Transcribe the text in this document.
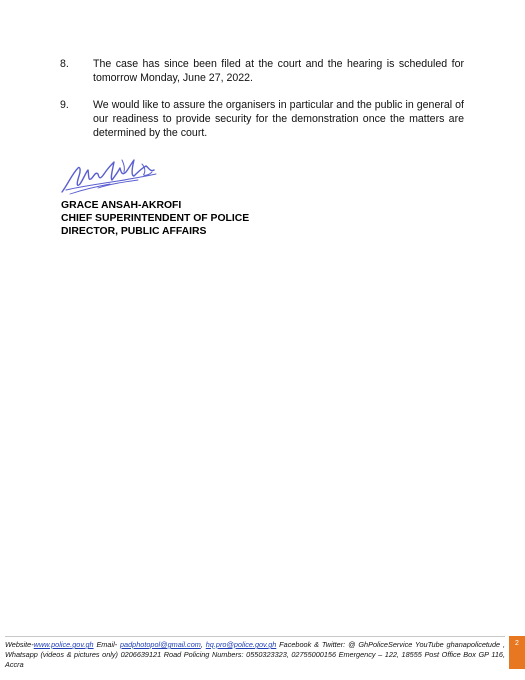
8.	The case has since been filed at the court and the hearing is scheduled for tomorrow Monday, June 27, 2022.
9.	We would like to assure the organisers in particular and the public in general of our readiness to provide security for the demonstration once the matters are determined by the court.
GRACE ANSAH-AKROFI
CHIEF SUPERINTENDENT OF POLICE
DIRECTOR, PUBLIC AFFAIRS
Website-www.police.gov.gh Email- padphotopol@gmail.com, hq.pro@police.gov.gh Facebook & Twitter: @ GhPoliceService YouTube ghanapolicetude , Whatsapp (videos & pictures only) 0206639121 Road Policing Numbers: 0550323323, 02755000156 Emergency – 122, 18555 Post Office Box GP 116, Accra
2
